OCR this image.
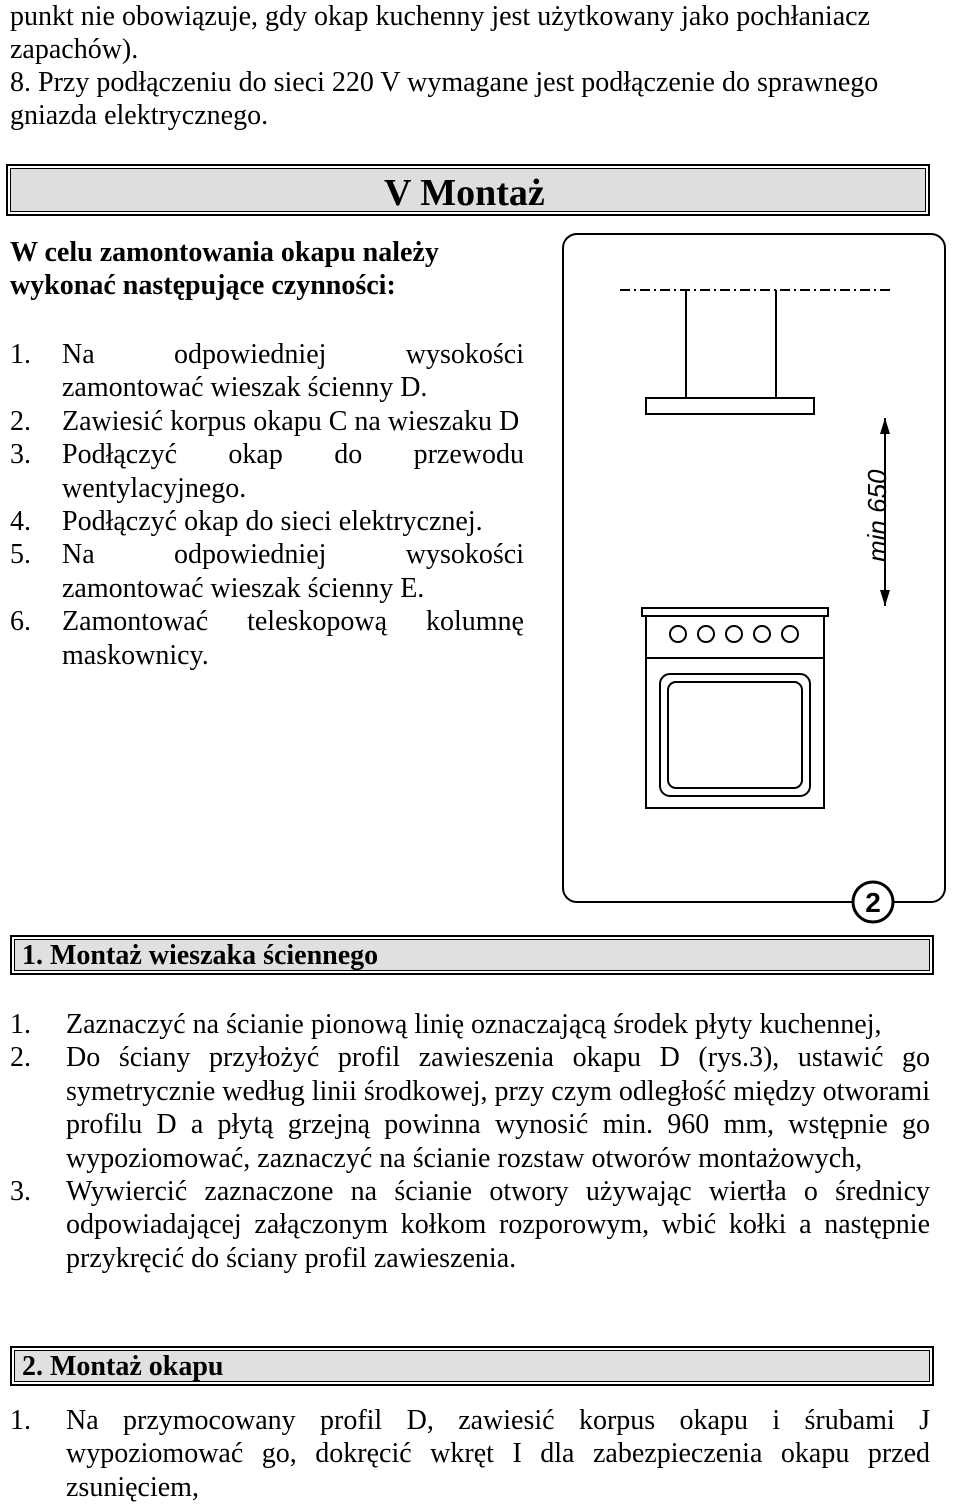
punkt nie obowiązuje, gdy okap kuchenny jest użytkowany jako pochłaniacz zapachów).

8. Przy podłączeniu do sieci 220 V wymagane jest podłączenie do sprawnego gniazda elektrycznego.

V Montaż
W celu zamontowania okapu należy wykonać następujące czynności:
1. Na odpowiedniej wysokości zamontować wieszak ścienny D.
2. Zawiesić korpus okapu C na wieszaku D
3. Podłączyć okap do przewodu wentylacyjnego.
4. Podłączyć okap do sieci elektrycznej.
5. Na odpowiedniej wysokości zamontować wieszak ścienny E.
6. Zamontować teleskopową kolumnę maskownicy.
min 650
2
1. Montaż wieszaka ściennego
1. Zaznaczyć na ścianie pionową linię oznaczającą środek płyty kuchennej,
2. Do ściany przyłożyć profil zawieszenia okapu D (rys.3), ustawić go symetrycznie według linii środkowej, przy czym odległość między otworami profilu D a płytą grzejną powinna wynosić min. 960 mm, wstępnie go wypoziomować, zaznaczyć na ścianie rozstaw otworów montażowych,
3. Wywiercić zaznaczone na ścianie otwory używając wiertła o średnicy odpowiadającej załączonym kołkom rozporowym, wbić kołki a następnie przykręcić do ściany profil zawieszenia.
2. Montaż okapu
1. Na przymocowany profil D, zawiesić korpus okapu i śrubami J wypoziomować go, dokręcić wkręt I dla zabezpieczenia okapu przed zsunięciem,
